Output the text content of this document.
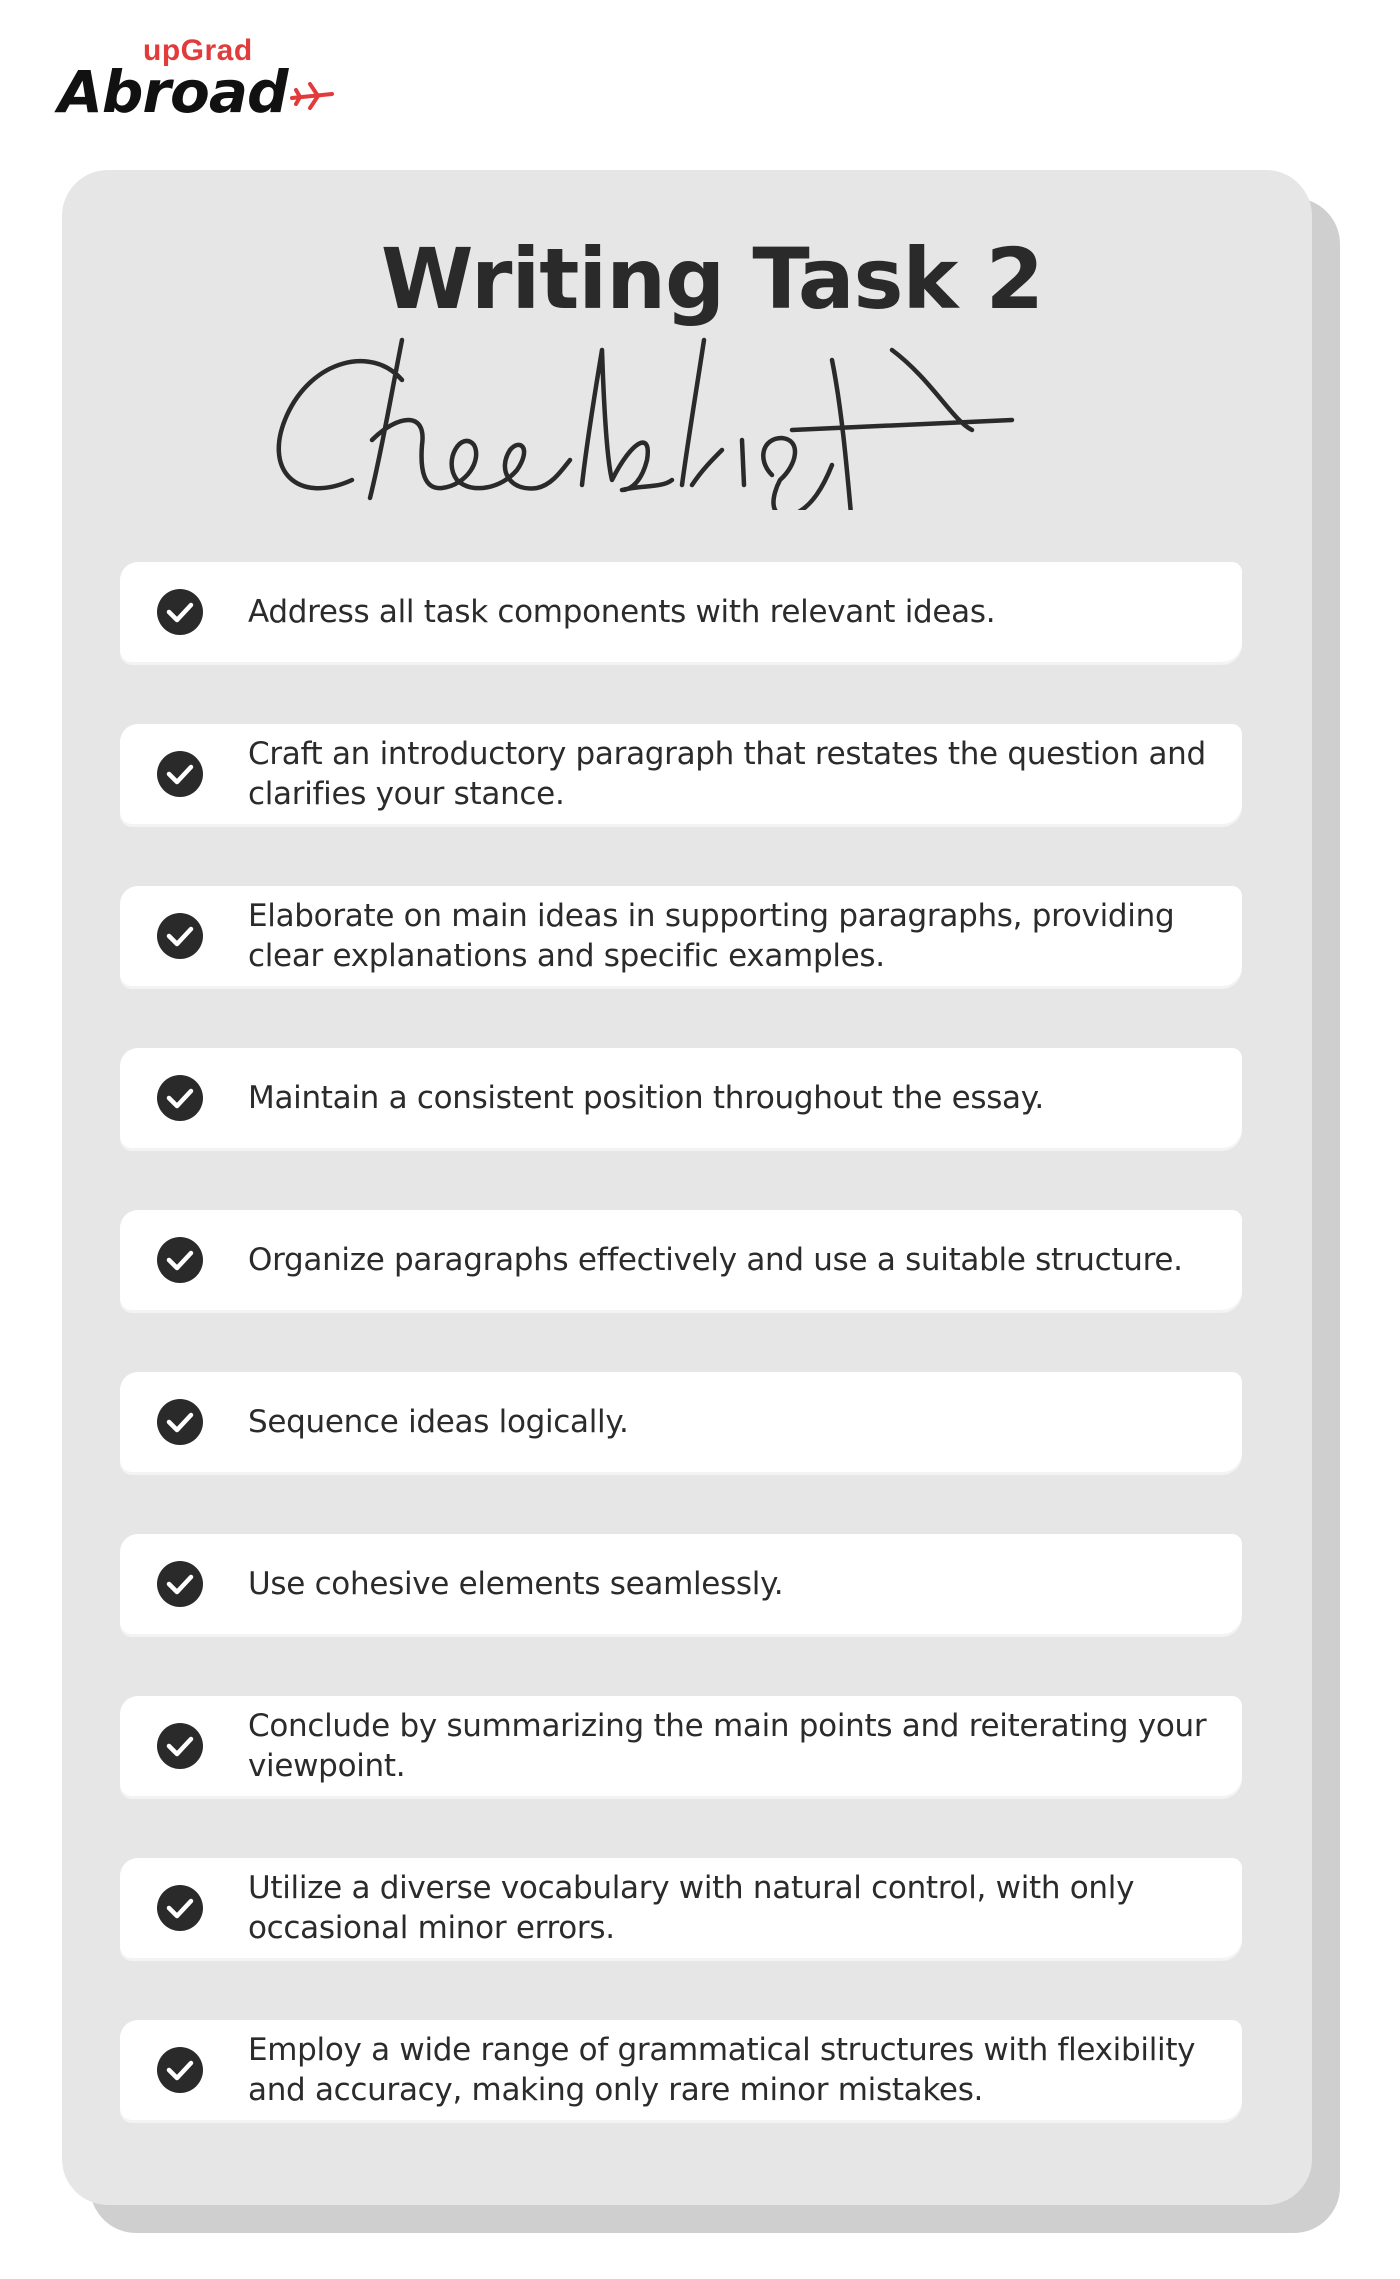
upGrad
Abroad
Writing Task 2
Address all task components with relevant ideas.
Craft an introductory paragraph that restates the question and clarifies your stance.
Elaborate on main ideas in supporting paragraphs, providing clear explanations and specific examples.
Maintain a consistent position throughout the essay.
Organize paragraphs effectively and use a suitable structure.
Sequence ideas logically.
Use cohesive elements seamlessly.
Conclude by summarizing the main points and reiterating your viewpoint.
Utilize a diverse vocabulary with natural control, with only occasional minor errors.
Employ a wide range of grammatical structures with flexibility and accuracy, making only rare minor mistakes.
